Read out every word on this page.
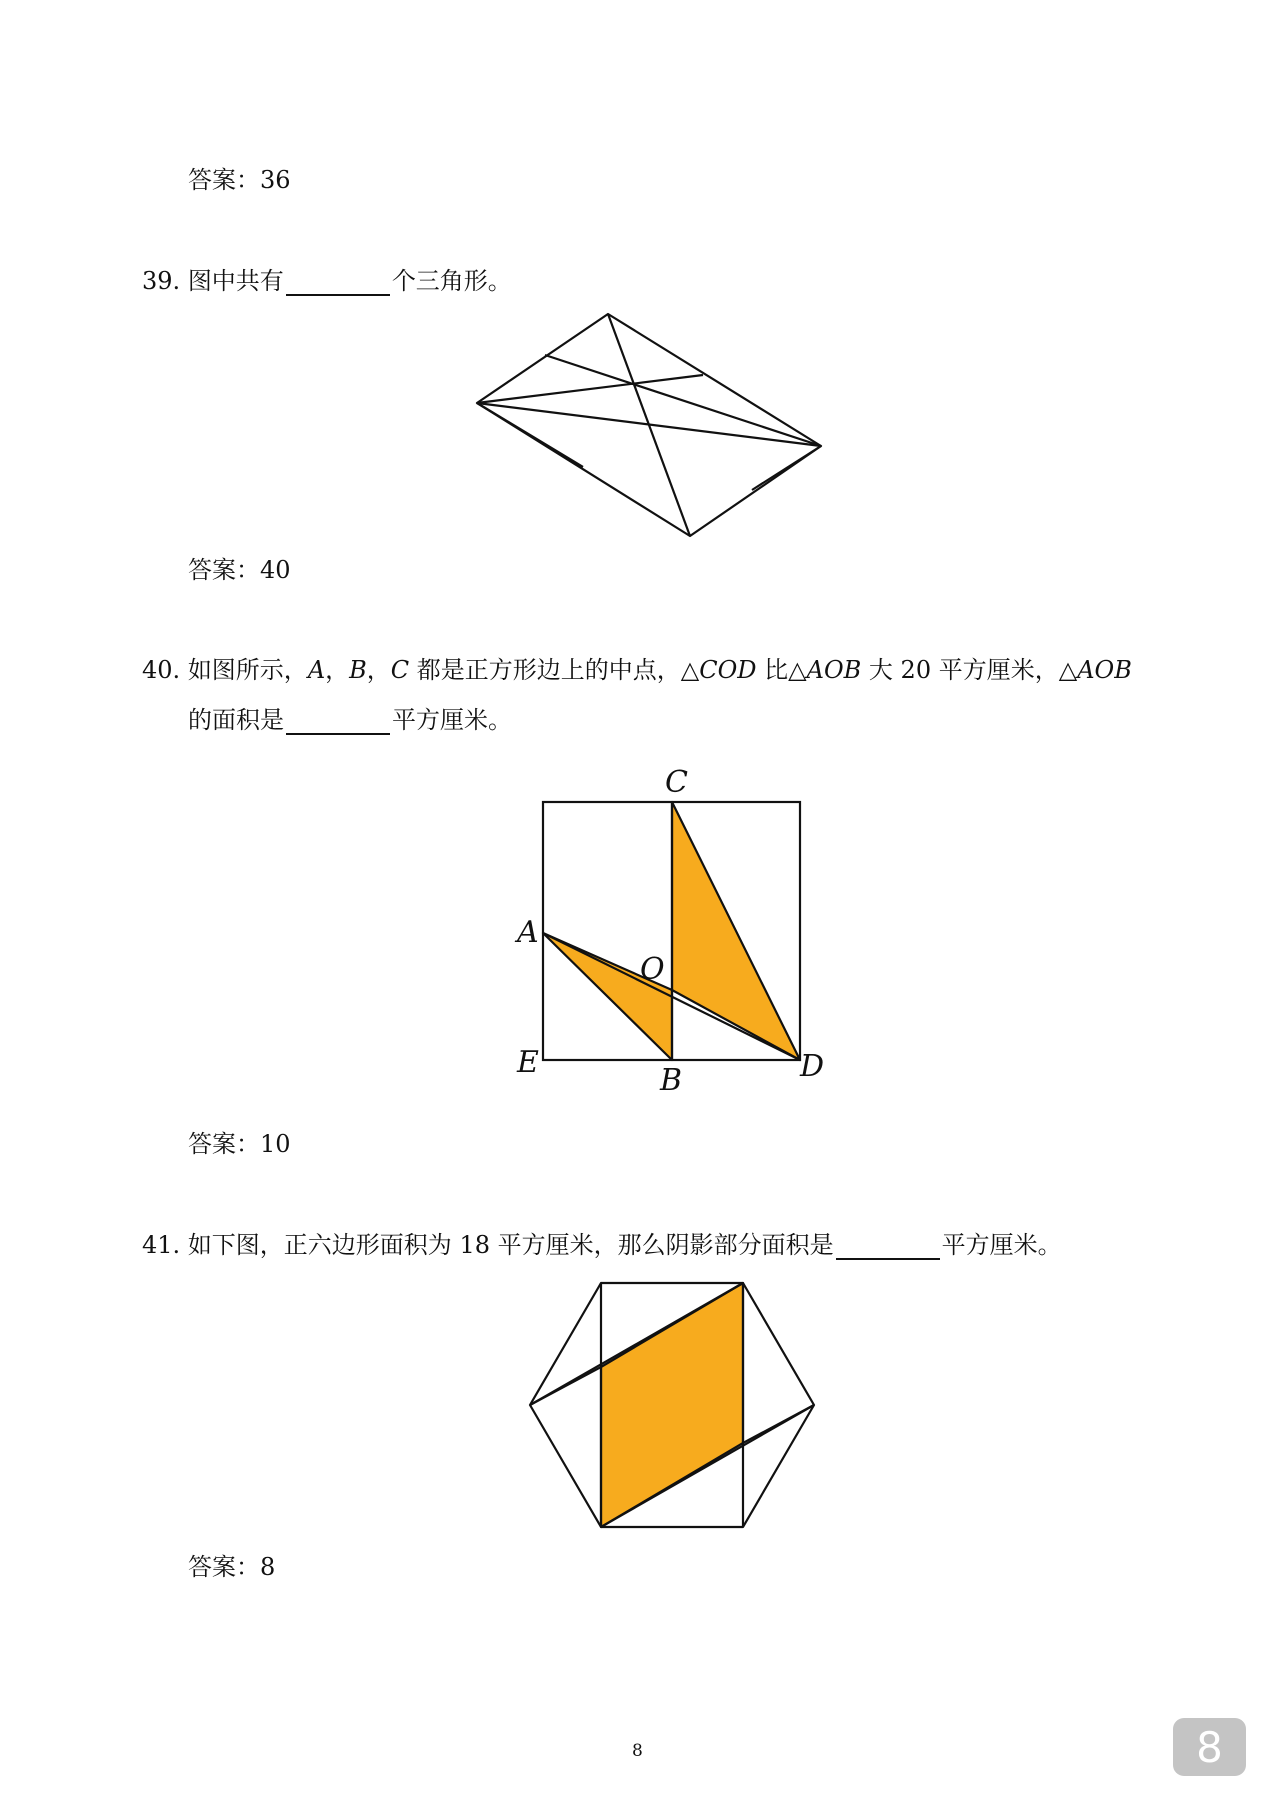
答案：36
39. 图中共有	个三角形。
答案：40
40. 如图所示，A，B，C 都是正方形边上的中点，△COD 比△AOB 大 20 平方厘米，△AOB
的面积是	平方厘米。
C
A
O
E
B	D
答案：10
41. 如下图，正六边形面积为 18 平方厘米，那么阴影部分面积是	平方厘米。
答案：8
8	8
